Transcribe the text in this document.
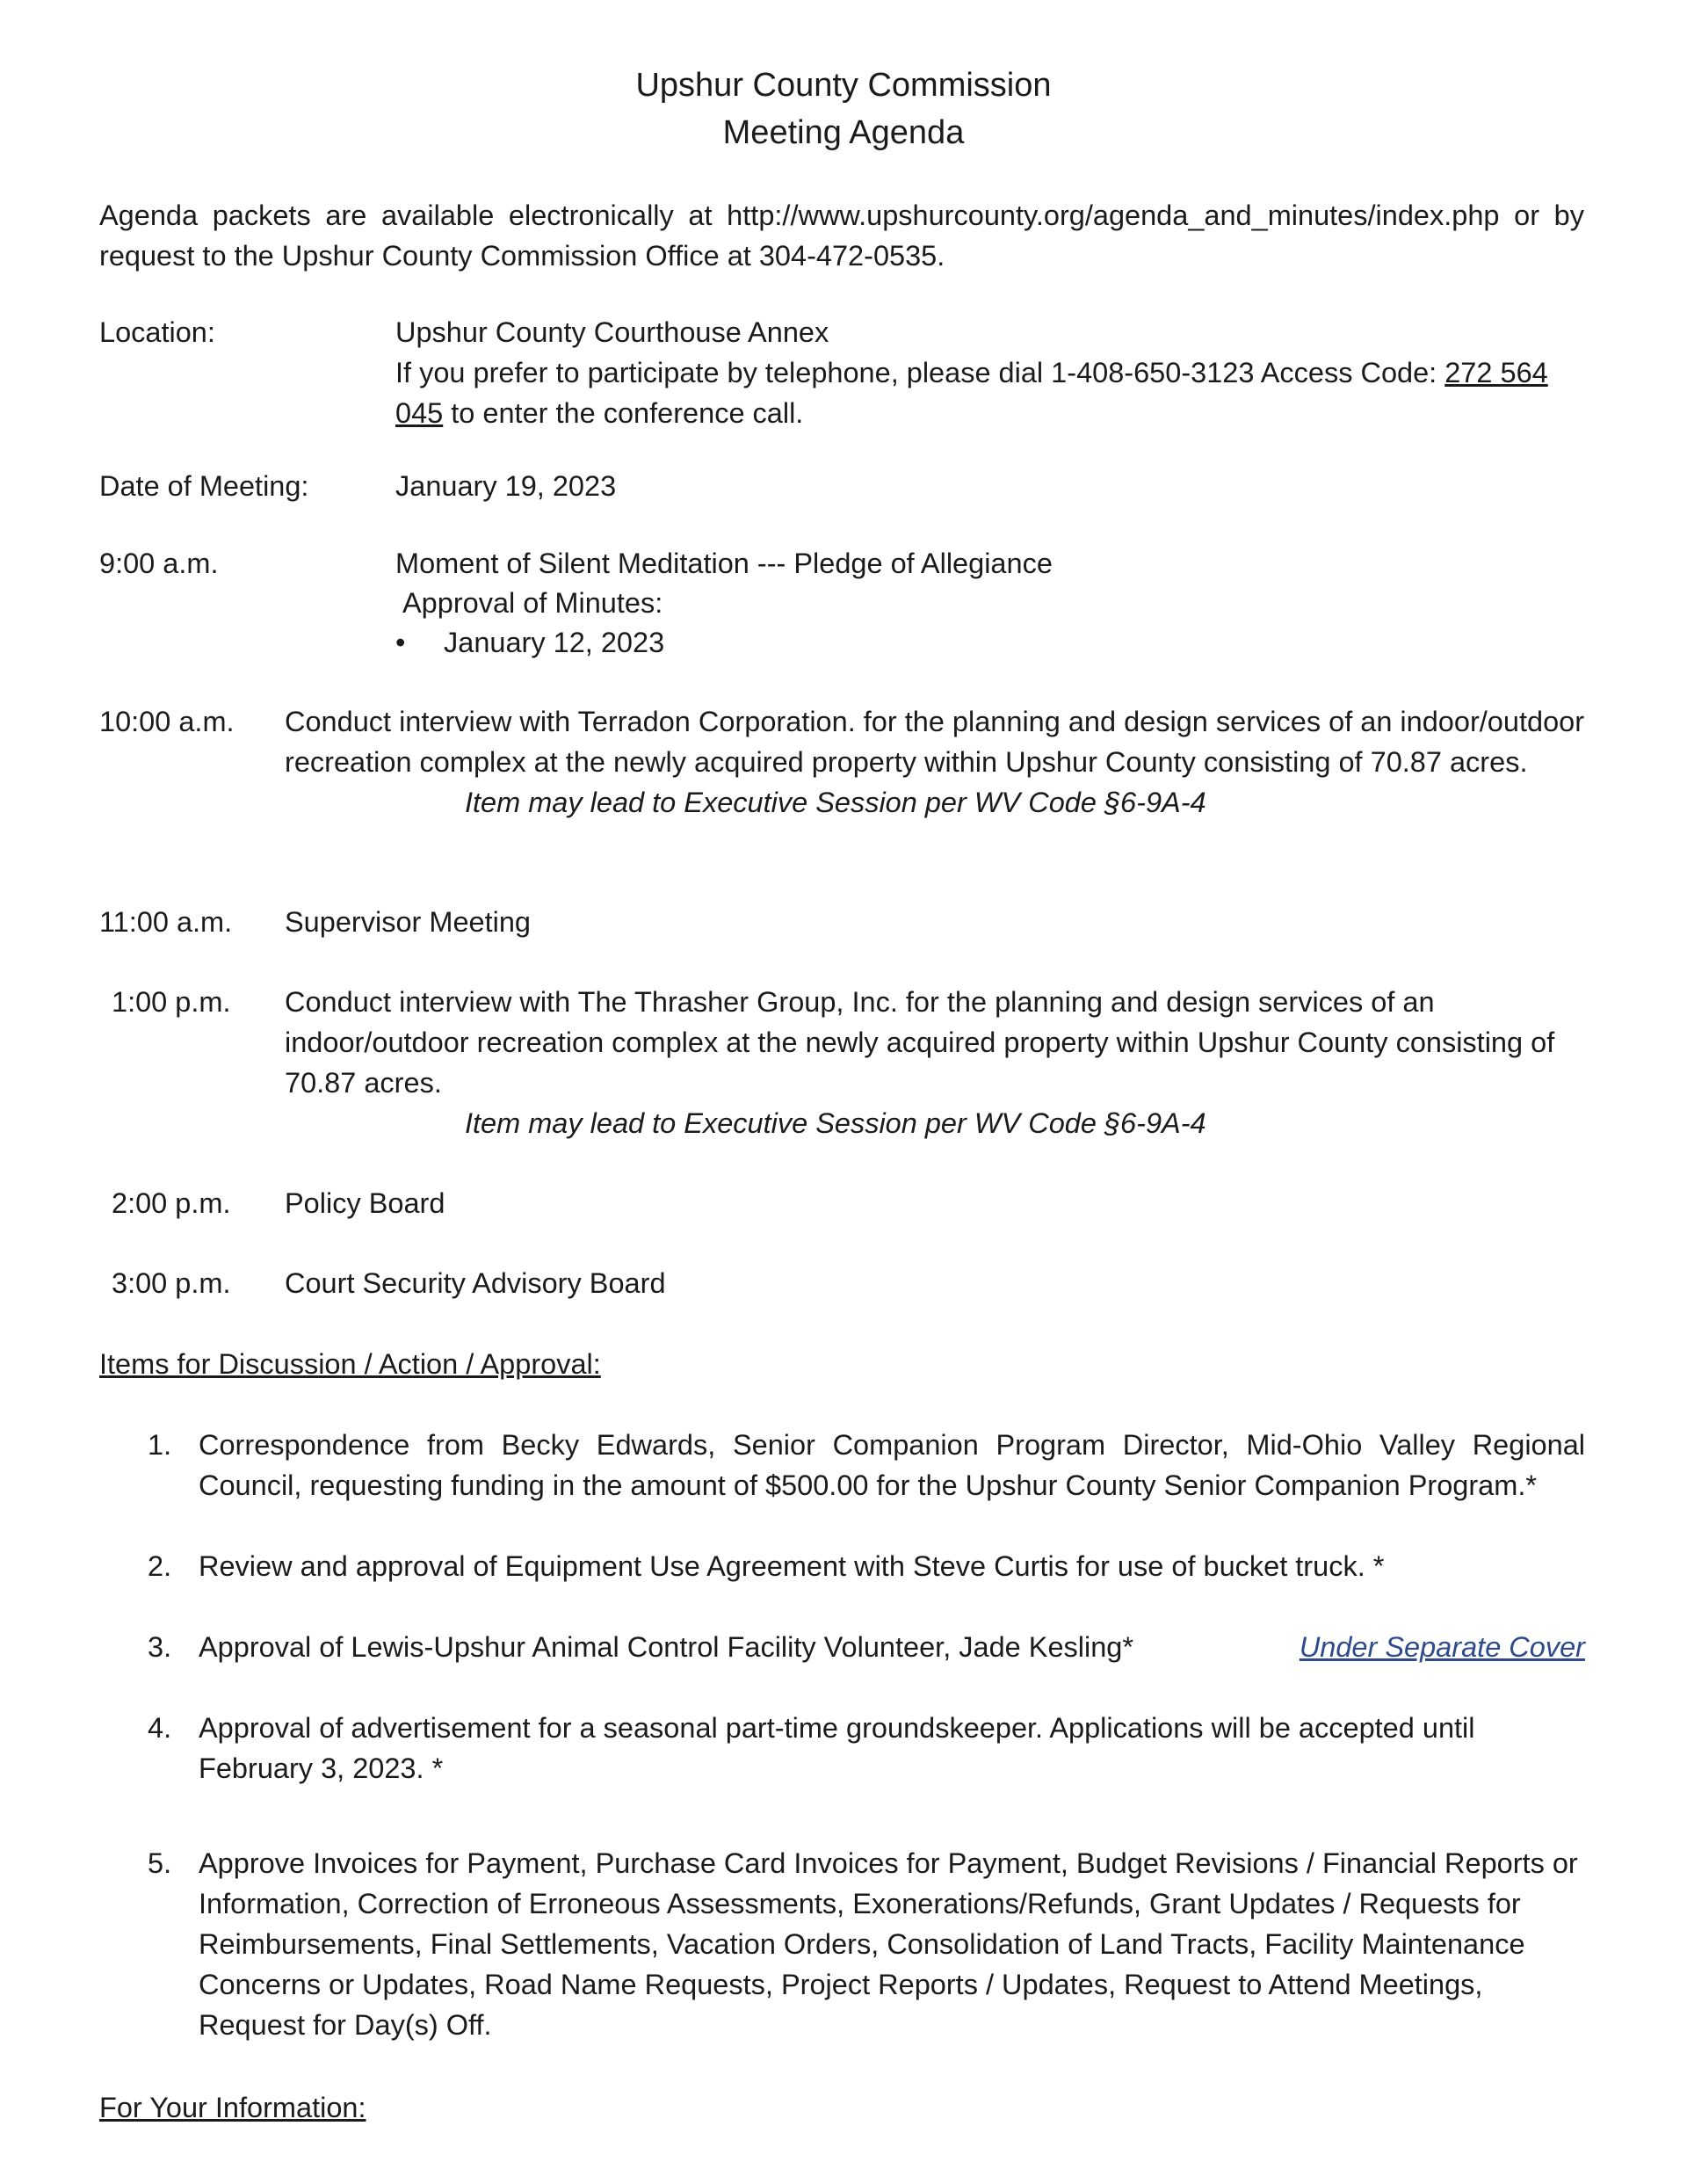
Upshur County Commission
Meeting Agenda

Agenda packets are available electronically at http://www.upshurcounty.org/agenda_and_minutes/index.php or by request to the Upshur County Commission Office at 304-472-0535.

Location:	Upshur County Courthouse Annex
If you prefer to participate by telephone, please dial 1-408-650-3123 Access Code: 272 564 045 to enter the conference call.
Date of Meeting:	January 19, 2023
9:00 a.m.	Moment of Silent Meditation --- Pledge of Allegiance
Approval of Minutes:
• January 12, 2023
10:00 a.m. Conduct interview with Terradon Corporation. for the planning and design services of an indoor/outdoor recreation complex at the newly acquired property within Upshur County consisting of 70.87 acres.
Item may lead to Executive Session per WV Code §6-9A-4
11:00 a.m. Supervisor Meeting
1:00 p.m. Conduct interview with The Thrasher Group, Inc. for the planning and design services of an indoor/outdoor recreation complex at the newly acquired property within Upshur County consisting of 70.87 acres.
Item may lead to Executive Session per WV Code §6-9A-4
2:00 p.m. Policy Board
3:00 p.m. Court Security Advisory Board
Items for Discussion / Action / Approval:
1. Correspondence from Becky Edwards, Senior Companion Program Director, Mid-Ohio Valley Regional Council, requesting funding in the amount of $500.00 for the Upshur County Senior Companion Program.*
2. Review and approval of Equipment Use Agreement with Steve Curtis for use of bucket truck. *
3. Approval of Lewis-Upshur Animal Control Facility Volunteer, Jade Kesling*	Under Separate Cover
4. Approval of advertisement for a seasonal part-time groundskeeper. Applications will be accepted until February 3, 2023. *
5. Approve Invoices for Payment, Purchase Card Invoices for Payment, Budget Revisions / Financial Reports or Information, Correction of Erroneous Assessments, Exonerations/Refunds, Grant Updates / Requests for Reimbursements, Final Settlements, Vacation Orders, Consolidation of Land Tracts, Facility Maintenance Concerns or Updates, Road Name Requests, Project Reports / Updates, Request to Attend Meetings, Request for Day(s) Off.
For Your Information:
